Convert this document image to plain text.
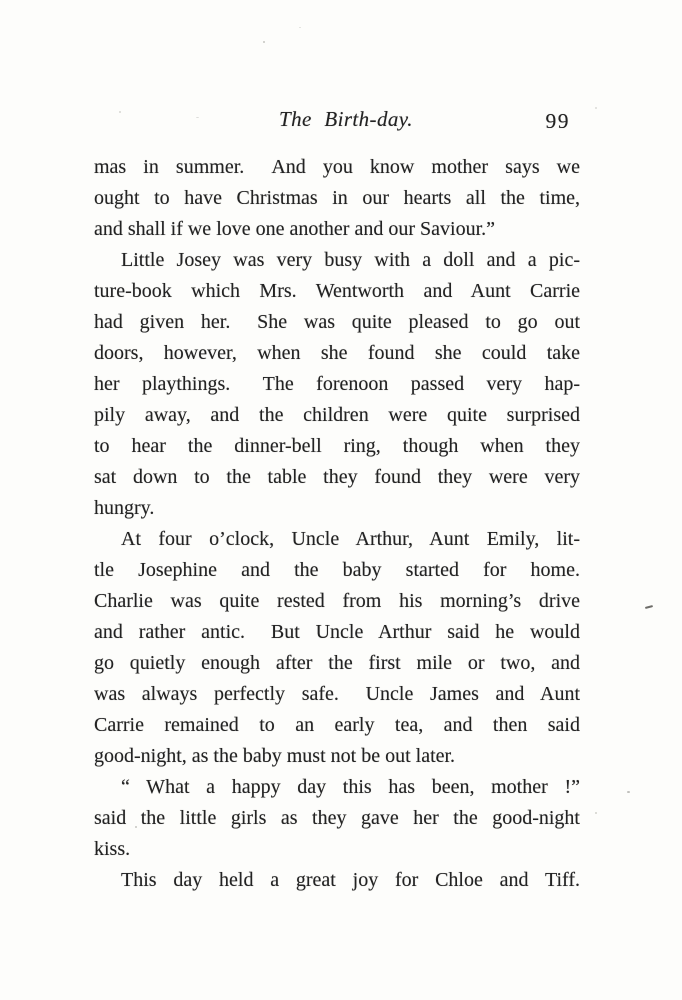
The Birth-day.	99

mas in summer.  And you know mother says we
ought to have Christmas in our hearts all the time,
and shall if we love one another and our Saviour.”

Little Josey was very busy with a doll and a pic-
ture-book which Mrs. Wentworth and Aunt Carrie
had given her.  She was quite pleased to go out
doors, however, when she found she could take
her playthings.  The forenoon passed very hap-
pily away, and the children were quite surprised
to hear the dinner-bell ring, though when they
sat down to the table they found they were very
hungry.

At four o’clock, Uncle Arthur, Aunt Emily, lit-
tle Josephine and the baby started for home.
Charlie was quite rested from his morning’s drive
and rather antic.  But Uncle Arthur said he would
go quietly enough after the first mile or two, and
was always perfectly safe.  Uncle James and Aunt
Carrie remained to an early tea, and then said
good-night, as the baby must not be out later.

“ What a happy day this has been, mother !”
said the little girls as they gave her the good-night
kiss.

This day held a great joy for Chloe and Tiff.
